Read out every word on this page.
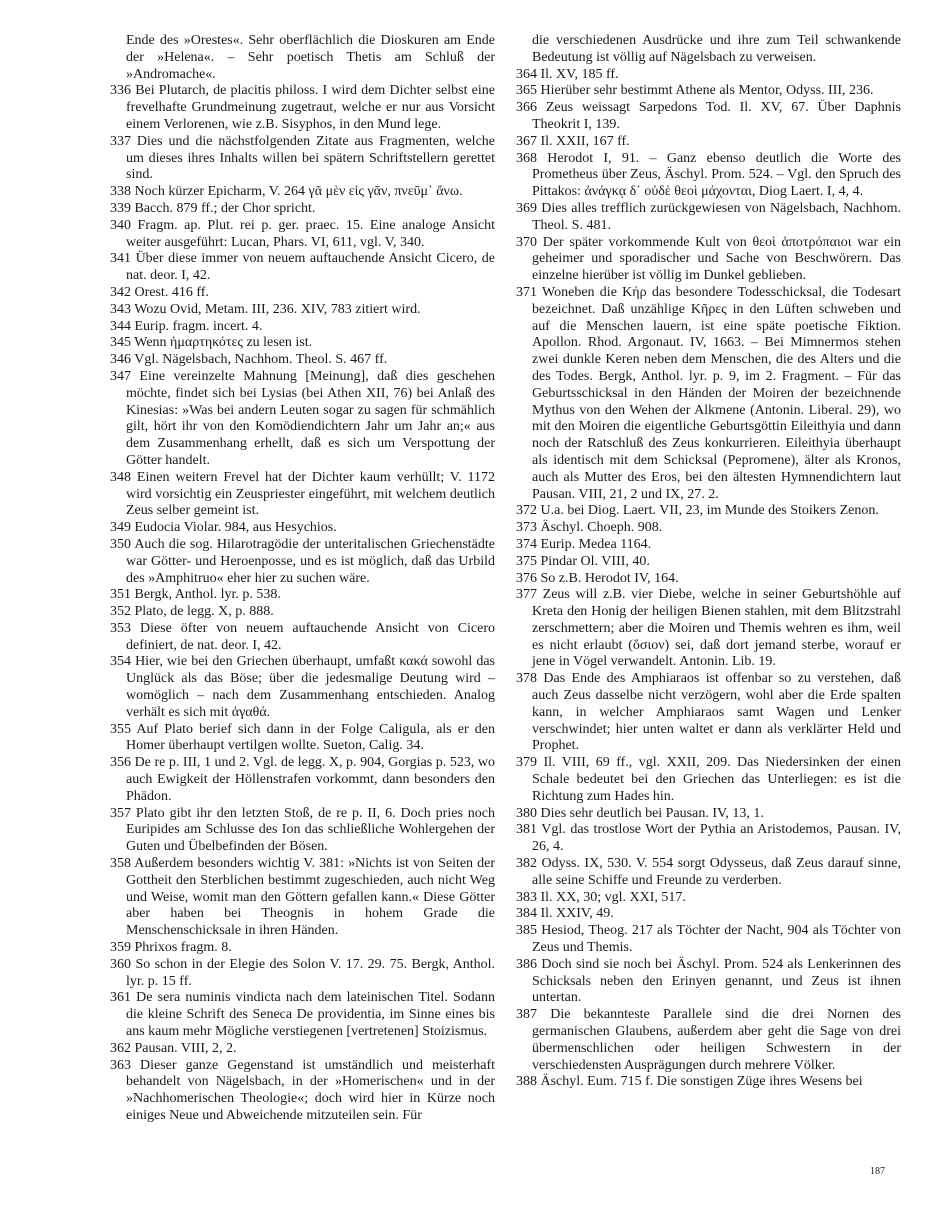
Ende des »Orestes«. Sehr oberflächlich die Dioskuren am Ende der »Helena«. – Sehr poetisch Thetis am Schluß der »Andromache«.

336 Bei Plutarch, de placitis philoss. I wird dem Dichter selbst eine frevelhafte Grundmeinung zugetraut, welche er nur aus Vorsicht einem Verlorenen, wie z.B. Sisyphos, in den Mund lege.

337 Dies und die nächstfolgenden Zitate aus Fragmenten, welche um dieses ihres Inhalts willen bei spätern Schriftstellern gerettet sind.

338 Noch kürzer Epicharm, V. 264 γᾶ μὲν εἰς γᾶν, πνεῦμ᾽ ἄνω.

339 Bacch. 879 ff.; der Chor spricht.

340 Fragm. ap. Plut. rei p. ger. praec. 15. Eine analoge Ansicht weiter ausgeführt: Lucan, Phars. VI, 611, vgl. V, 340.

341 Über diese immer von neuem auftauchende Ansicht Cicero, de nat. deor. I, 42.

342 Orest. 416 ff.

343 Wozu Ovid, Metam. III, 236. XIV, 783 zitiert wird.

344 Eurip. fragm. incert. 4.

345 Wenn ἡμαρτηκότες zu lesen ist.

346 Vgl. Nägelsbach, Nachhom. Theol. S. 467 ff.

347 Eine vereinzelte Mahnung [Meinung], daß dies geschehen möchte, findet sich bei Lysias (bei Athen XII, 76) bei Anlaß des Kinesias: »Was bei andern Leuten sogar zu sagen für schmählich gilt, hört ihr von den Komödiendichtern Jahr um Jahr an;« aus dem Zusammenhang erhellt, daß es sich um Verspottung der Götter handelt.

348 Einen weitern Frevel hat der Dichter kaum verhüllt; V. 1172 wird vorsichtig ein Zeuspriester eingeführt, mit welchem deutlich Zeus selber gemeint ist.

349 Eudocia Violar. 984, aus Hesychios.

350 Auch die sog. Hilarotragödie der unteritalischen Griechenstädte war Götter- und Heroenposse, und es ist möglich, daß das Urbild des »Amphitruo« eher hier zu suchen wäre.

351 Bergk, Anthol. lyr. p. 538.

352 Plato, de legg. X, p. 888.

353 Diese öfter von neuem auftauchende Ansicht von Cicero definiert, de nat. deor. I, 42.

354 Hier, wie bei den Griechen überhaupt, umfaßt κακά sowohl das Unglück als das Böse; über die jedesmalige Deutung wird – womöglich – nach dem Zusammenhang entschieden. Analog verhält es sich mit ἀγαθά.

355 Auf Plato berief sich dann in der Folge Caligula, als er den Homer überhaupt vertilgen wollte. Sueton, Calig. 34.

356 De re p. III, 1 und 2. Vgl. de legg. X, p. 904, Gorgias p. 523, wo auch Ewigkeit der Höllenstrafen vorkommt, dann besonders den Phädon.

357 Plato gibt ihr den letzten Stoß, de re p. II, 6. Doch pries noch Euripides am Schlusse des Ion das schließliche Wohlergehen der Guten und Übelbefinden der Bösen.

358 Außerdem besonders wichtig V. 381: »Nichts ist von Seiten der Gottheit den Sterblichen bestimmt zugeschieden, auch nicht Weg und Weise, womit man den Göttern gefallen kann.« Diese Götter aber haben bei Theognis in hohem Grade die Menschenschicksale in ihren Händen.

359 Phrixos fragm. 8.

360 So schon in der Elegie des Solon V. 17. 29. 75. Bergk, Anthol. lyr. p. 15 ff.

361 De sera numinis vindicta nach dem lateinischen Titel. Sodann die kleine Schrift des Seneca De providentia, im Sinne eines bis ans kaum mehr Mögliche verstiegenen [vertretenen] Stoizismus.

362 Pausan. VIII, 2, 2.

363 Dieser ganze Gegenstand ist umständlich und meisterhaft behandelt von Nägelsbach, in der »Homerischen« und in der »Nachhomerischen Theologie«; doch wird hier in Kürze noch einiges Neue und Abweichende mitzuteilen sein. Für

die verschiedenen Ausdrücke und ihre zum Teil schwankende Bedeutung ist völlig auf Nägelsbach zu verweisen.

364 Il. XV, 185 ff.

365 Hierüber sehr bestimmt Athene als Mentor, Odyss. III, 236.

366 Zeus weissagt Sarpedons Tod. Il. XV, 67. Über Daphnis Theokrit I, 139.

367 Il. XXII, 167 ff.

368 Herodot I, 91. – Ganz ebenso deutlich die Worte des Prometheus über Zeus, Äschyl. Prom. 524. – Vgl. den Spruch des Pittakos: ἀνάγκᾳ δ᾽ οὐδὲ θεοὶ μάχονται, Diog Laert. I, 4, 4.

369 Dies alles trefflich zurückgewiesen von Nägelsbach, Nachhom. Theol. S. 481.

370 Der später vorkommende Kult von θεοὶ ἀποτρόπαιοι war ein geheimer und sporadischer und Sache von Beschwörern. Das einzelne hierüber ist völlig im Dunkel geblieben.

371 Woneben die Κήρ das besondere Todesschicksal, die Todesart bezeichnet. Daß unzählige Κῆρες in den Lüften schweben und auf die Menschen lauern, ist eine späte poetische Fiktion. Apollon. Rhod. Argonaut. IV, 1663. – Bei Mimnermos stehen zwei dunkle Keren neben dem Menschen, die des Alters und die des Todes. Bergk, Anthol. lyr. p. 9, im 2. Fragment. – Für das Geburtsschicksal in den Händen der Moiren der bezeichnende Mythus von den Wehen der Alkmene (Antonin. Liberal. 29), wo mit den Moiren die eigentliche Geburtsgöttin Eileithyia und dann noch der Ratschluß des Zeus konkurrieren. Eileithyia überhaupt als identisch mit dem Schicksal (Pepromene), älter als Kronos, auch als Mutter des Eros, bei den ältesten Hymnendichtern laut Pausan. VIII, 21, 2 und IX, 27. 2.

372 U.a. bei Diog. Laert. VII, 23, im Munde des Stoikers Zenon.

373 Äschyl. Choeph. 908.

374 Eurip. Medea 1164.

375 Pindar Ol. VIII, 40.

376 So z.B. Herodot IV, 164.

377 Zeus will z.B. vier Diebe, welche in seiner Geburtshöhle auf Kreta den Honig der heiligen Bienen stahlen, mit dem Blitzstrahl zerschmettern; aber die Moiren und Themis wehren es ihm, weil es nicht erlaubt (ὅσιον) sei, daß dort jemand sterbe, worauf er jene in Vögel verwandelt. Antonin. Lib. 19.

378 Das Ende des Amphiaraos ist offenbar so zu verstehen, daß auch Zeus dasselbe nicht verzögern, wohl aber die Erde spalten kann, in welcher Amphiaraos samt Wagen und Lenker verschwindet; hier unten waltet er dann als verklärter Held und Prophet.

379 Il. VIII, 69 ff., vgl. XXII, 209. Das Niedersinken der einen Schale bedeutet bei den Griechen das Unterliegen: es ist die Richtung zum Hades hin.

380 Dies sehr deutlich bei Pausan. IV, 13, 1.

381 Vgl. das trostlose Wort der Pythia an Aristodemos, Pausan. IV, 26, 4.

382 Odyss. IX, 530. V. 554 sorgt Odysseus, daß Zeus darauf sinne, alle seine Schiffe und Freunde zu verderben.

383 Il. XX, 30; vgl. XXI, 517.

384 Il. XXIV, 49.

385 Hesiod, Theog. 217 als Töchter der Nacht, 904 als Töchter von Zeus und Themis.

386 Doch sind sie noch bei Äschyl. Prom. 524 als Lenkerinnen des Schicksals neben den Erinyen genannt, und Zeus ist ihnen untertan.

387 Die bekannteste Parallele sind die drei Nornen des germanischen Glaubens, außerdem aber geht die Sage von drei übermenschlichen oder heiligen Schwestern in der verschiedensten Ausprägungen durch mehrere Völker.

388 Äschyl. Eum. 715 f. Die sonstigen Züge ihres Wesens bei

187
